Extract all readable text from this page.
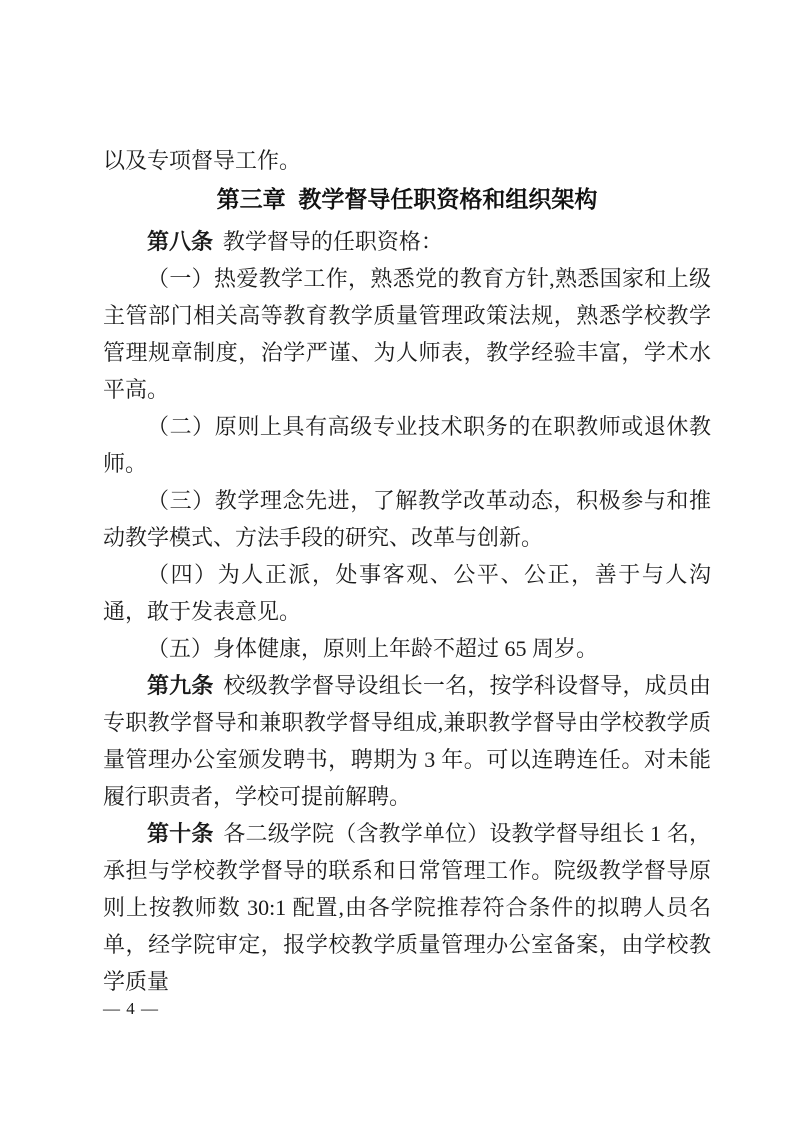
以及专项督导工作。

第三章  教学督导任职资格和组织架构

第八条 教学督导的任职资格：

（一）热爱教学工作，熟悉党的教育方针,熟悉国家和上级主管部门相关高等教育教学质量管理政策法规，熟悉学校教学管理规章制度，治学严谨、为人师表，教学经验丰富，学术水平高。

（二）原则上具有高级专业技术职务的在职教师或退休教师。

（三）教学理念先进，了解教学改革动态，积极参与和推动教学模式、方法手段的研究、改革与创新。

（四）为人正派，处事客观、公平、公正，善于与人沟通，敢于发表意见。

（五）身体健康，原则上年龄不超过 65 周岁。

第九条 校级教学督导设组长一名，按学科设督导，成员由专职教学督导和兼职教学督导组成,兼职教学督导由学校教学质量管理办公室颁发聘书，聘期为 3 年。可以连聘连任。对未能履行职责者，学校可提前解聘。

第十条 各二级学院（含教学单位）设教学督导组长 1 名，承担与学校教学督导的联系和日常管理工作。院级教学督导原则上按教师数 30:1 配置,由各学院推荐符合条件的拟聘人员名单，经学院审定，报学校教学质量管理办公室备案，由学校教学质量

— 4 —
